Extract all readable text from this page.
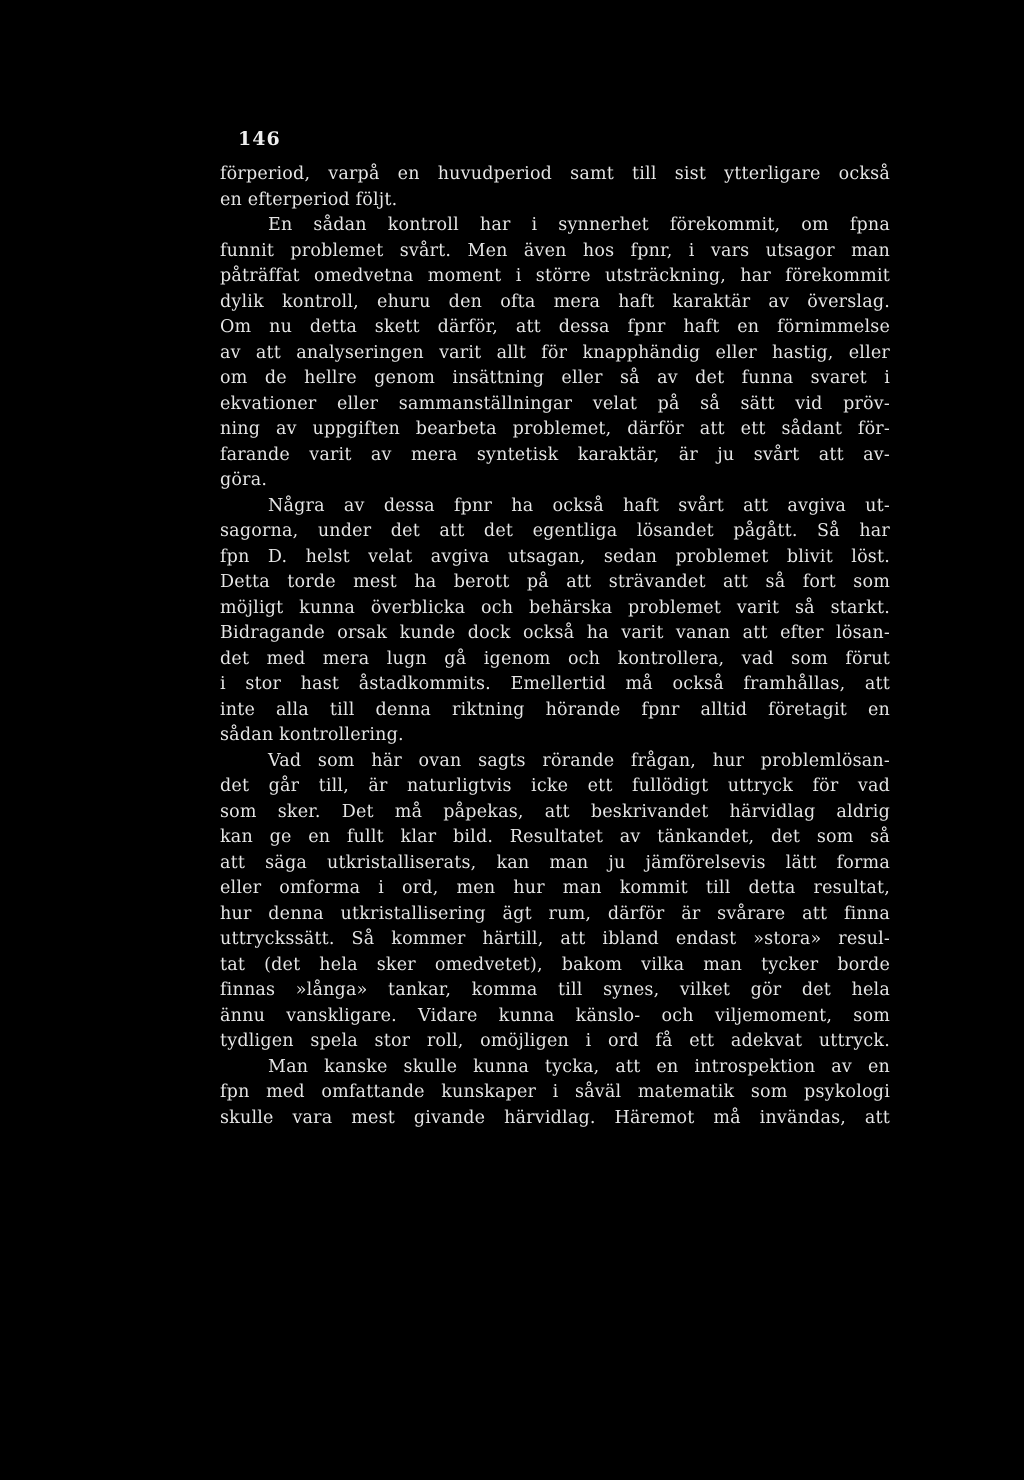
146
förperiod, varpå en huvudperiod samt till sist ytterligare också
en efterperiod följt.
En sådan kontroll har i synnerhet förekommit, om fpna
funnit problemet svårt. Men även hos fpnr, i vars utsagor man
påträffat omedvetna moment i större utsträckning, har förekommit
dylik kontroll, ehuru den ofta mera haft karaktär av överslag.
Om nu detta skett därför, att dessa fpnr haft en förnimmelse
av att analyseringen varit allt för knapphändig eller hastig, eller
om de hellre genom insättning eller så av det funna svaret i
ekvationer eller sammanställningar velat på så sätt vid pröv-
ning av uppgiften bearbeta problemet, därför att ett sådant för-
farande varit av mera syntetisk karaktär, är ju svårt att av-
göra.
Några av dessa fpnr ha också haft svårt att avgiva ut-
sagorna, under det att det egentliga lösandet pågått. Så har
fpn D. helst velat avgiva utsagan, sedan problemet blivit löst.
Detta torde mest ha berott på att strävandet att så fort som
möjligt kunna överblicka och behärska problemet varit så starkt.
Bidragande orsak kunde dock också ha varit vanan att efter lösan-
det med mera lugn gå igenom och kontrollera, vad som förut
i stor hast åstadkommits. Emellertid må också framhållas, att
inte alla till denna riktning hörande fpnr alltid företagit en
sådan kontrollering.
Vad som här ovan sagts rörande frågan, hur problemlösan-
det går till, är naturligtvis icke ett fullödigt uttryck för vad
som sker. Det må påpekas, att beskrivandet härvidlag aldrig
kan ge en fullt klar bild. Resultatet av tänkandet, det som så
att säga utkristalliserats, kan man ju jämförelsevis lätt forma
eller omforma i ord, men hur man kommit till detta resultat,
hur denna utkristallisering ägt rum, därför är svårare att finna
uttryckssätt. Så kommer härtill, att ibland endast »stora» resul-
tat (det hela sker omedvetet), bakom vilka man tycker borde
finnas »långa» tankar, komma till synes, vilket gör det hela
ännu vanskligare. Vidare kunna känslo- och viljemoment, som
tydligen spela stor roll, omöjligen i ord få ett adekvat uttryck.
Man kanske skulle kunna tycka, att en introspektion av en
fpn med omfattande kunskaper i såväl matematik som psykologi
skulle vara mest givande härvidlag. Häremot må invändas, att
